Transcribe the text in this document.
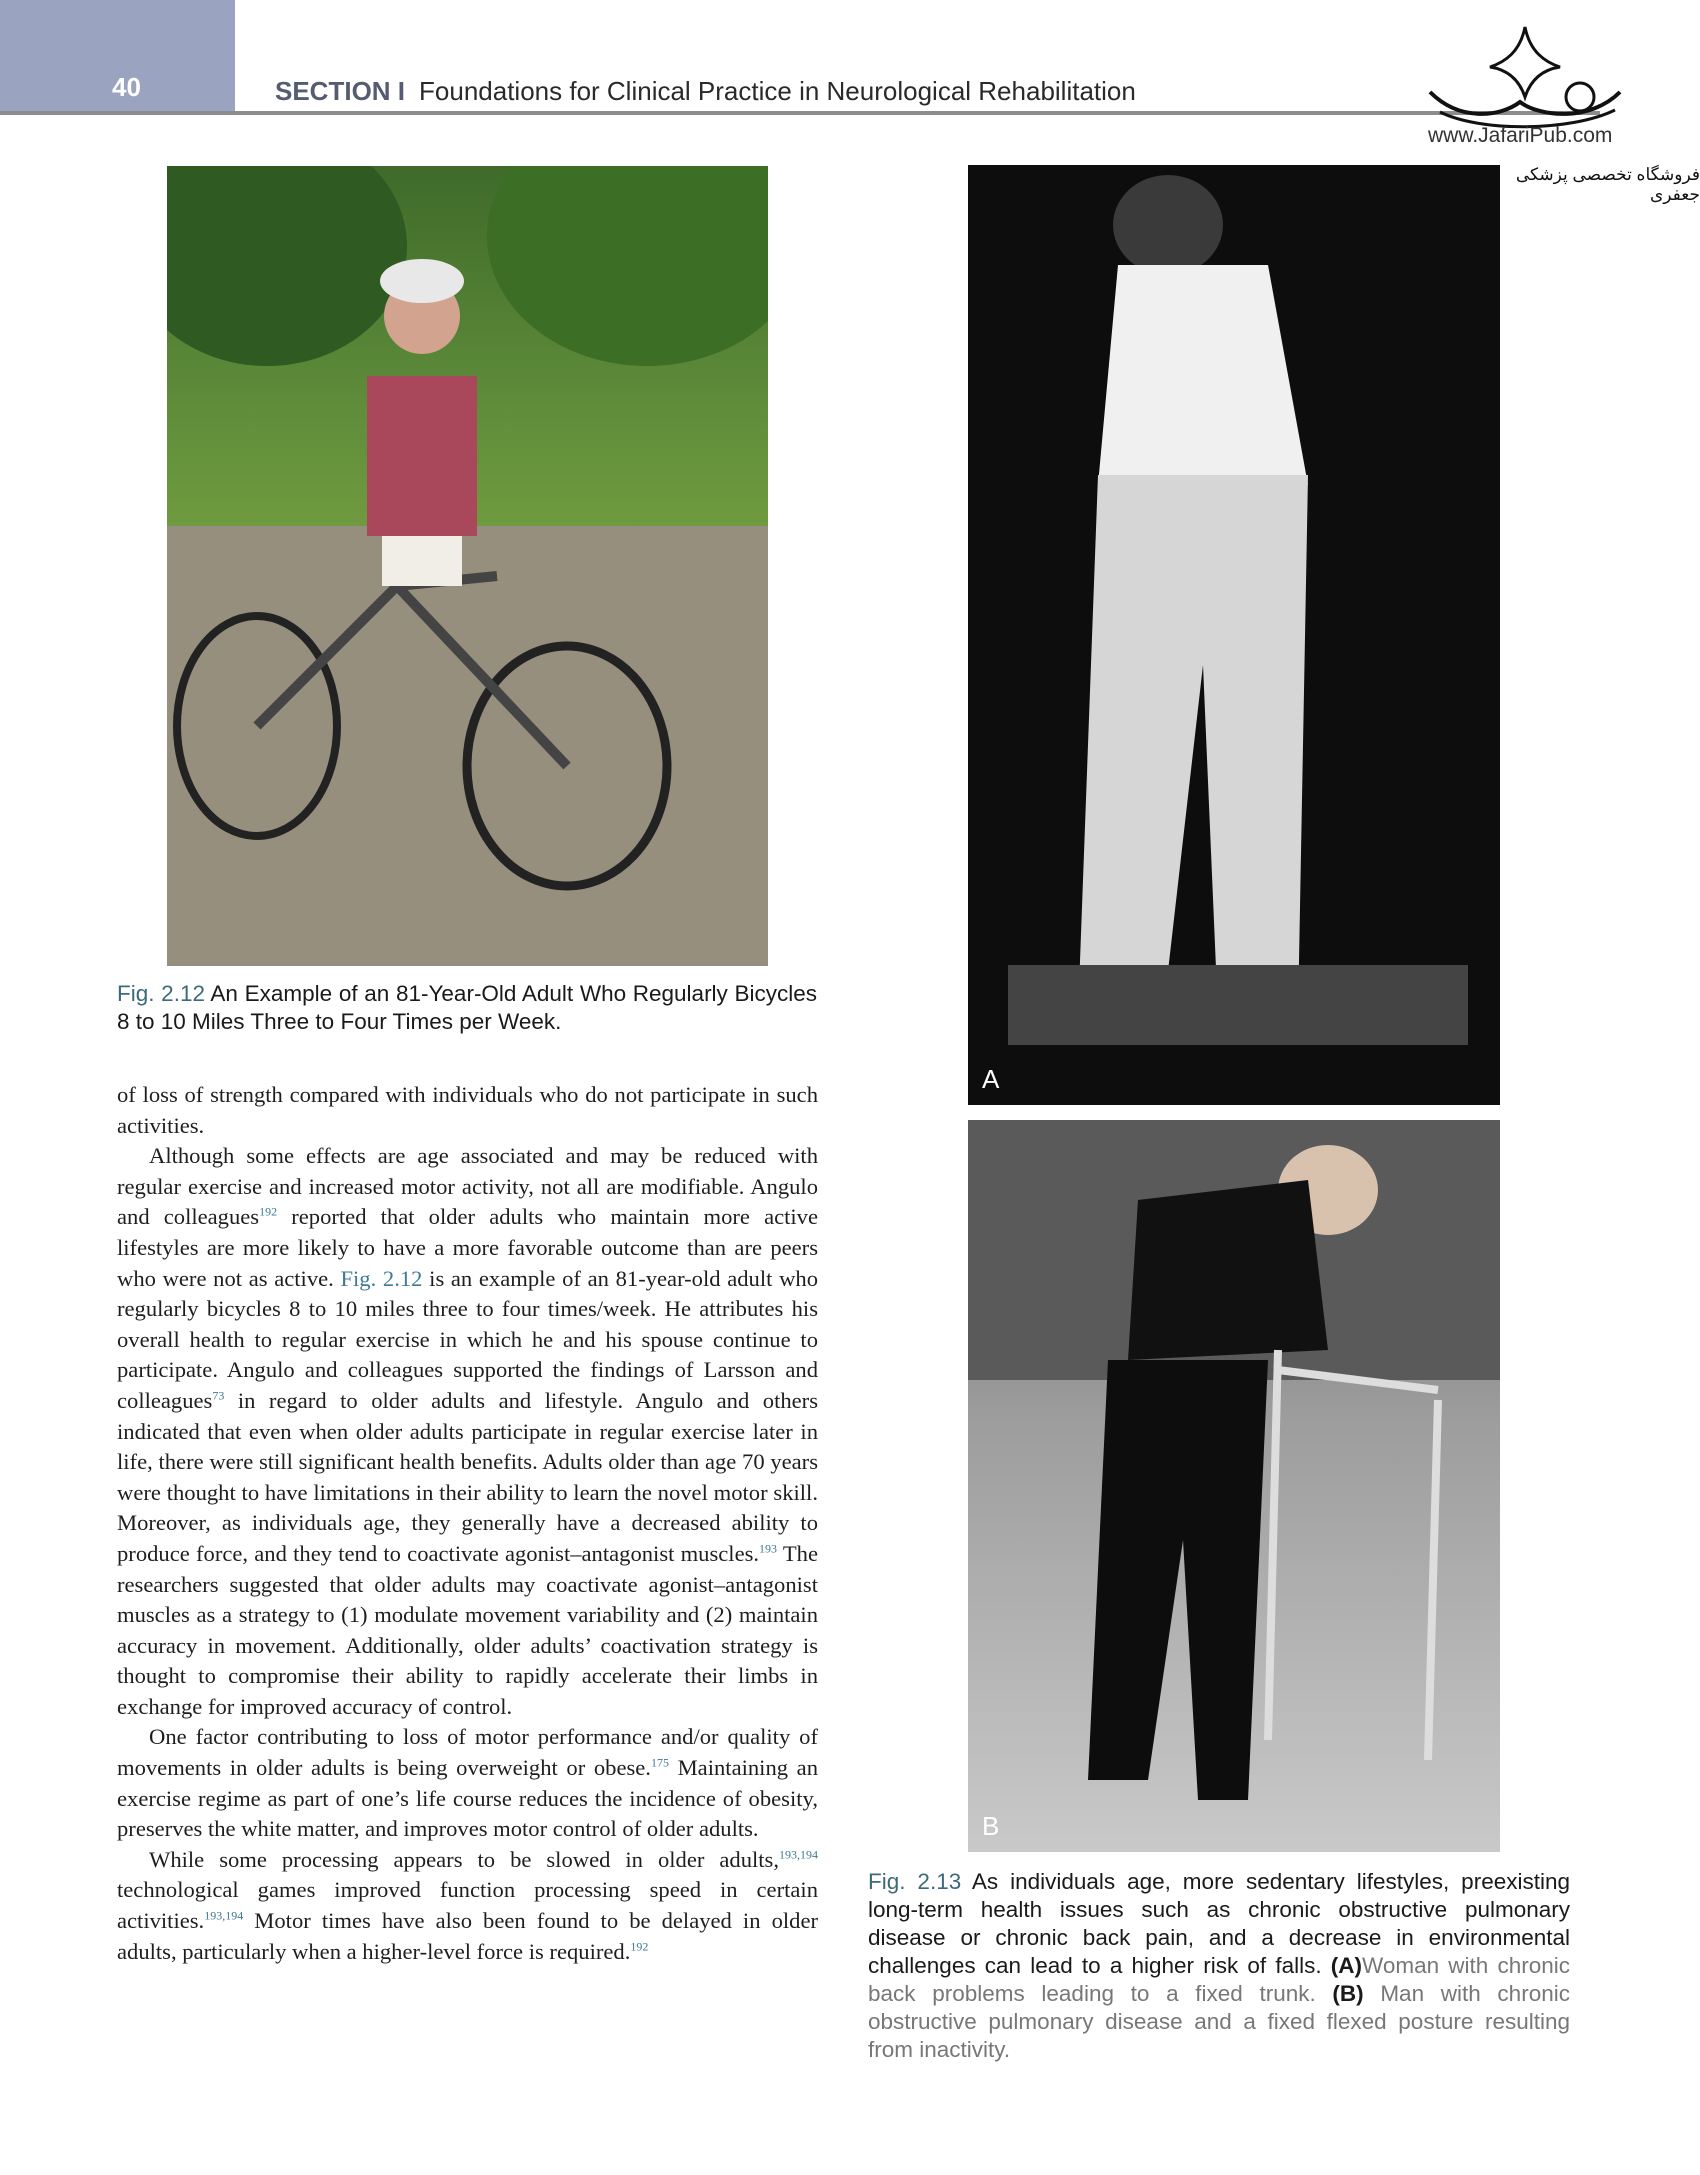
40	SECTION I Foundations for Clinical Practice in Neurological Rehabilitation
www.JafariPub.com
فروشگاه تخصصی پزشکی جعفری
Fig. 2.12 An Example of an 81-Year-Old Adult Who Regularly Bicycles 8 to 10 Miles Three to Four Times per Week.
A
B
Fig. 2.13 As individuals age, more sedentary lifestyles, preexisting long-term health issues such as chronic obstructive pulmonary disease or chronic back pain, and a decrease in environmental challenges can lead to a higher risk of falls. (A)Woman with chronic back problems leading to a fixed trunk. (B) Man with chronic obstructive pulmonary disease and a fixed flexed posture resulting from inactivity.

of loss of strength compared with individuals who do not participate in such activities.

Although some effects are age associated and may be reduced with regular exercise and increased motor activity, not all are modifiable. Angulo and colleagues$^{192}$ reported that older adults who maintain more active lifestyles are more likely to have a more favorable outcome than are peers who were not as active. Fig. 2.12 is an example of an 81-year-old adult who regularly bicycles 8 to 10 miles three to four times/week. He attributes his overall health to regular exercise in which he and his spouse continue to participate. Angulo and colleagues supported the findings of Larsson and colleagues$^{73}$ in regard to older adults and lifestyle. Angulo and others indicated that even when older adults participate in regular exercise later in life, there were still significant health benefits. Adults older than age 70 years were thought to have limitations in their ability to learn the novel motor skill. Moreover, as individuals age, they generally have a decreased ability to produce force, and they tend to coactivate agonist–antagonist muscles.$^{193}$ The researchers suggested that older adults may coactivate agonist–antagonist muscles as a strategy to (1) modulate movement variability and (2) maintain accuracy in movement. Additionally, older adults’ coactivation strategy is thought to compromise their ability to rapidly accelerate their limbs in exchange for improved accuracy of control.

One factor contributing to loss of motor performance and/or quality of movements in older adults is being overweight or obese.$^{175}$ Maintaining an exercise regime as part of one’s life course reduces the incidence of obesity, preserves the white matter, and improves motor control of older adults.

While some processing appears to be slowed in older adults,$^{193,194}$ technological games improved function processing speed in certain activities.$^{193,194}$ Motor times have also been found to be delayed in older adults, particularly when a higher-level force is required.$^{192}$
